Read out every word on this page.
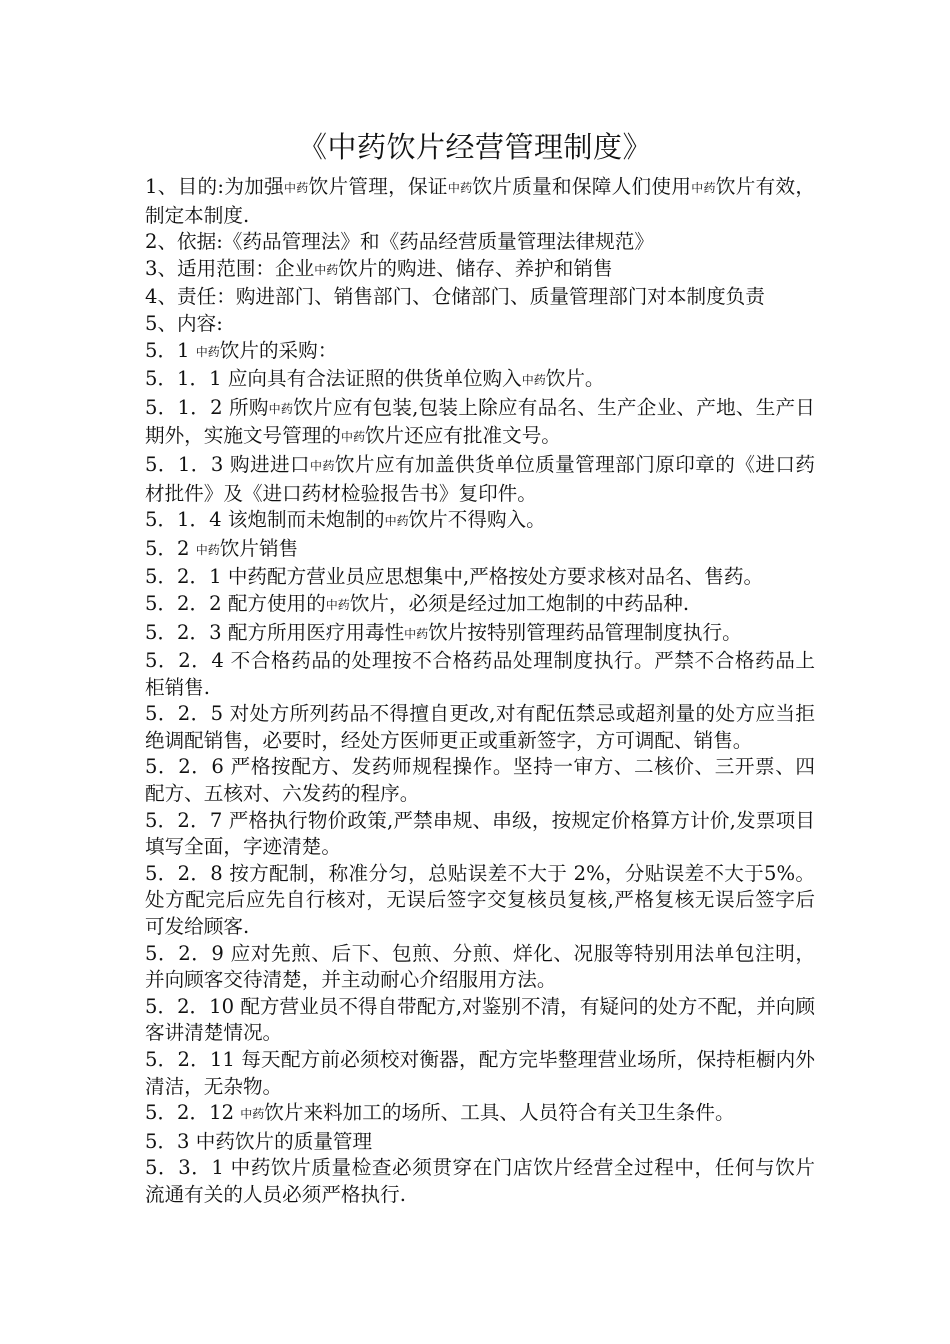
《中药饮片经营管理制度》

1、目的:为加强中药饮片管理，保证中药饮片质量和保障人们使用中药饮片有效，制定本制度.

2、依据:《药品管理法》和《药品经营质量管理法律规范》

3、适用范围：企业中药饮片的购进、储存、养护和销售

4、责任：购进部门、销售部门、仓储部门、质量管理部门对本制度负责

5、内容:

5．1 中药饮片的采购：

5．1．1 应向具有合法证照的供货单位购入中药饮片。

5．1．2 所购中药饮片应有包装,包装上除应有品名、生产企业、产地、生产日期外，实施文号管理的中药饮片还应有批准文号。

5．1．3 购进进口中药饮片应有加盖供货单位质量管理部门原印章的《进口药材批件》及《进口药材检验报告书》复印件。

5．1．4 该炮制而未炮制的中药饮片不得购入。

5．2 中药饮片销售

5．2．1 中药配方营业员应思想集中,严格按处方要求核对品名、售药。

5．2．2 配方使用的中药饮片，必须是经过加工炮制的中药品种.

5．2．3 配方所用医疗用毒性中药饮片按特别管理药品管理制度执行。

5．2．4 不合格药品的处理按不合格药品处理制度执行。严禁不合格药品上柜销售.

5．2．5 对处方所列药品不得擅自更改,对有配伍禁忌或超剂量的处方应当拒绝调配销售，必要时，经处方医师更正或重新签字，方可调配、销售。

5．2．6 严格按配方、发药师规程操作。坚持一审方、二核价、三开票、四配方、五核对、六发药的程序。

5．2．7 严格执行物价政策,严禁串规、串级，按规定价格算方计价,发票项目填写全面，字迹清楚。

5．2．8 按方配制，称准分匀，总贴误差不大于 2%，分贴误差不大于5%。处方配完后应先自行核对，无误后签字交复核员复核,严格复核无误后签字后可发给顾客.

5．2．9 应对先煎、后下、包煎、分煎、烊化、况服等特别用法单包注明，并向顾客交待清楚，并主动耐心介绍服用方法。

5．2．10 配方营业员不得自带配方,对鉴别不清，有疑问的处方不配，并向顾客讲清楚情况。

5．2．11 每天配方前必须校对衡器，配方完毕整理营业场所，保持柜橱内外清洁，无杂物。

5．2．12 中药饮片来料加工的场所、工具、人员符合有关卫生条件。

5．3 中药饮片的质量管理

5．3．1 中药饮片质量检查必须贯穿在门店饮片经营全过程中，任何与饮片流通有关的人员必须严格执行.
